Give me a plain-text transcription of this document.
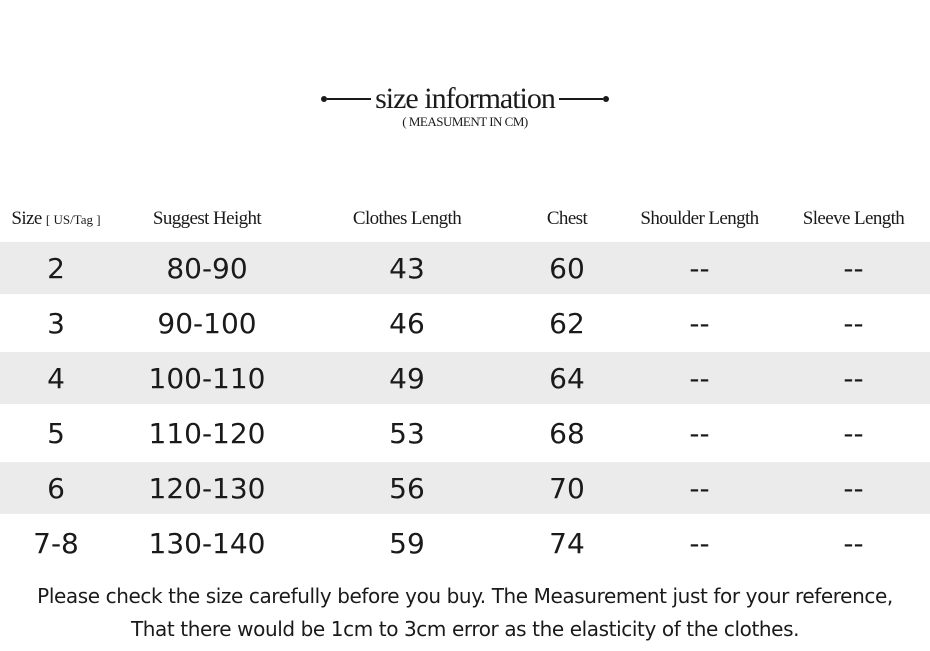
size information
( MEASUMENT IN CM)
Size [ US/Tag ]	Suggest Height	Clothes Length	Chest	Shoulder Length	Sleeve Length
2	80-90	43	60	--	--
3	90-100	46	62	--	--
4	100-110	49	64	--	--
5	110-120	53	68	--	--
6	120-130	56	70	--	--
7-8	130-140	59	74	--	--
Please check the size carefully before you buy. The Measurement just for your reference,
That there would be 1cm to 3cm error as the elasticity of the clothes.
